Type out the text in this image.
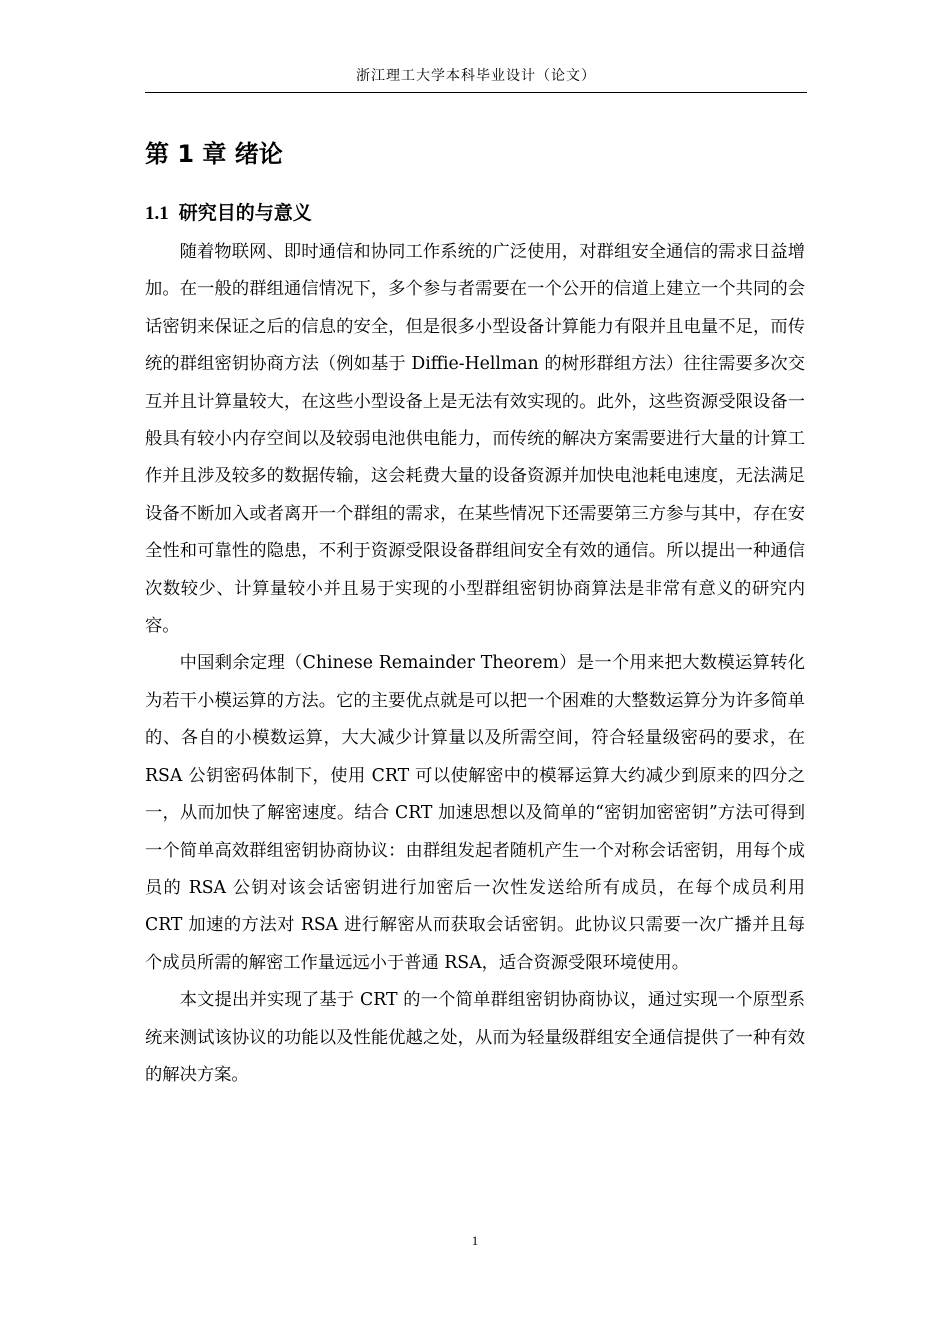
浙江理工大学本科毕业设计（论文）
第 1 章 绪论
1.1 研究目的与意义

随着物联网、即时通信和协同工作系统的广泛使用，对群组安全通信的需求日益增加。在一般的群组通信情况下，多个参与者需要在一个公开的信道上建立一个共同的会话密钥来保证之后的信息的安全，但是很多小型设备计算能力有限并且电量不足，而传统的群组密钥协商方法（例如基于 Diffie-Hellman 的树形群组方法）往往需要多次交互并且计算量较大，在这些小型设备上是无法有效实现的。此外，这些资源受限设备一般具有较小内存空间以及较弱电池供电能力，而传统的解决方案需要进行大量的计算工作并且涉及较多的数据传输，这会耗费大量的设备资源并加快电池耗电速度，无法满足设备不断加入或者离开一个群组的需求，在某些情况下还需要第三方参与其中，存在安全性和可靠性的隐患，不利于资源受限设备群组间安全有效的通信。所以提出一种通信次数较少、计算量较小并且易于实现的小型群组密钥协商算法是非常有意义的研究内容。

中国剩余定理（Chinese Remainder Theorem）是一个用来把大数模运算转化为若干小模运算的方法。它的主要优点就是可以把一个困难的大整数运算分为许多简单的、各自的小模数运算，大大减少计算量以及所需空间，符合轻量级密码的要求，在 RSA 公钥密码体制下，使用 CRT 可以使解密中的模幂运算大约减少到原来的四分之一，从而加快了解密速度。结合 CRT 加速思想以及简单的“密钥加密密钥”方法可得到一个简单高效群组密钥协商协议：由群组发起者随机产生一个对称会话密钥，用每个成员的 RSA 公钥对该会话密钥进行加密后一次性发送给所有成员，在每个成员利用 CRT 加速的方法对 RSA 进行解密从而获取会话密钥。此协议只需要一次广播并且每个成员所需的解密工作量远远小于普通 RSA，适合资源受限环境使用。

本文提出并实现了基于 CRT 的一个简单群组密钥协商协议，通过实现一个原型系统来测试该协议的功能以及性能优越之处，从而为轻量级群组安全通信提供了一种有效的解决方案。

1
